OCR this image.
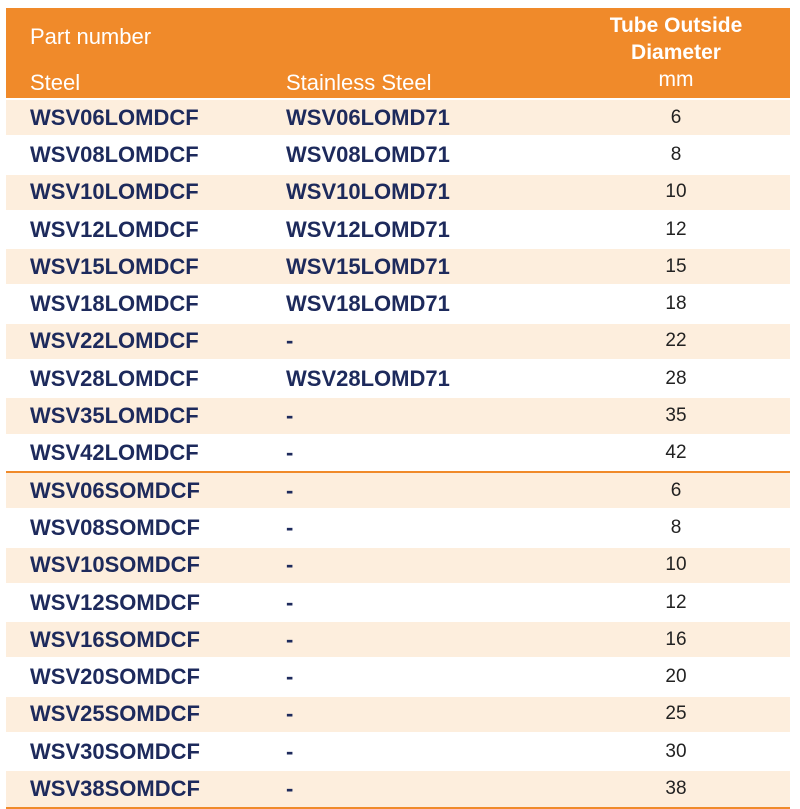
Part number
Steel	Stainless Steel
Tube Outside
Diameter
mm
WSV06LOMDCF	WSV06LOMD71	6
WSV08LOMDCF	WSV08LOMD71	8
WSV10LOMDCF	WSV10LOMD71	10
WSV12LOMDCF	WSV12LOMD71	12
WSV15LOMDCF	WSV15LOMD71	15
WSV18LOMDCF	WSV18LOMD71	18
WSV22LOMDCF	-	22
WSV28LOMDCF	WSV28LOMD71	28
WSV35LOMDCF	-	35
WSV42LOMDCF	-	42
WSV06SOMDCF	-	6
WSV08SOMDCF	-	8
WSV10SOMDCF	-	10
WSV12SOMDCF	-	12
WSV16SOMDCF	-	16
WSV20SOMDCF	-	20
WSV25SOMDCF	-	25
WSV30SOMDCF	-	30
WSV38SOMDCF	-	38
